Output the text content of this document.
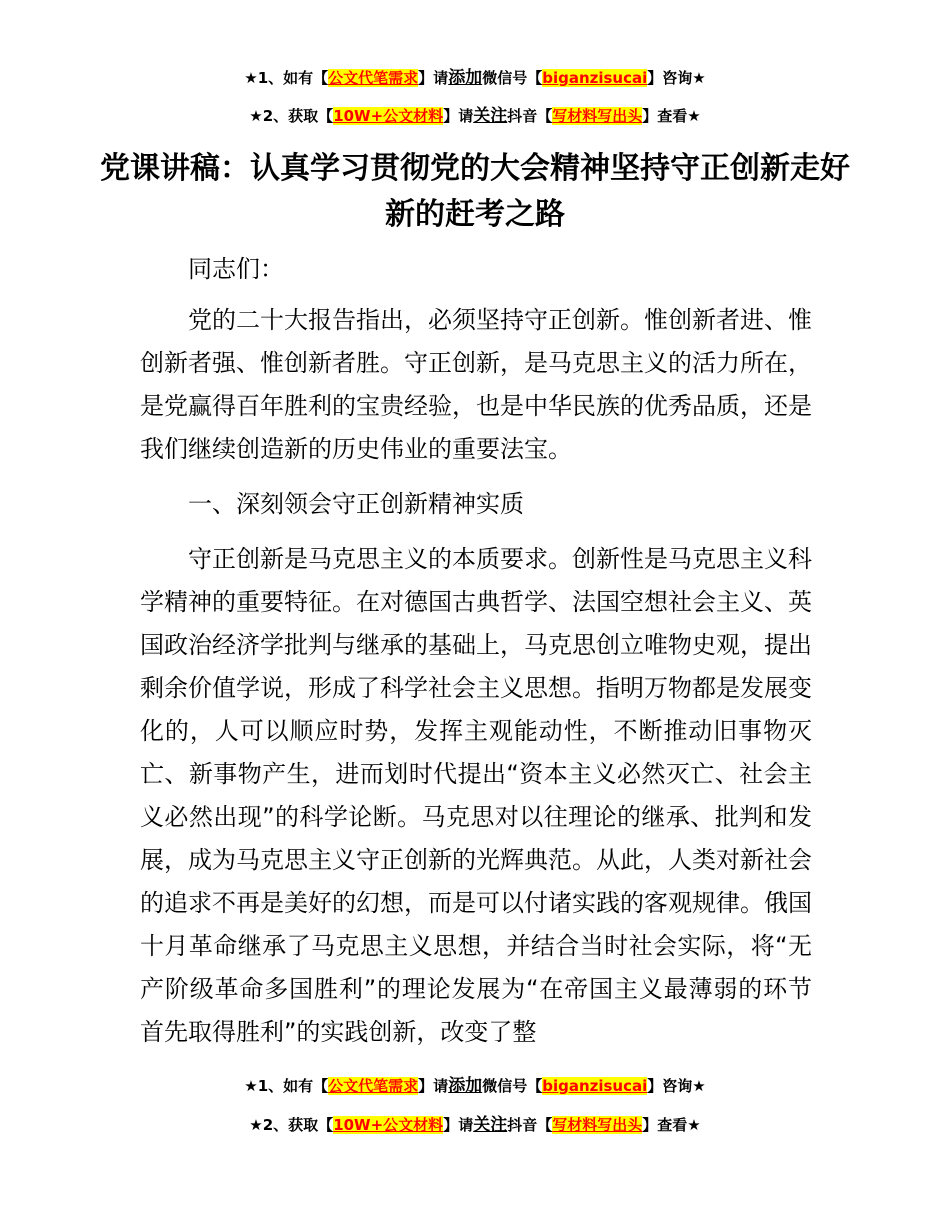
★1、如有【公文代笔需求】请添加微信号【biganzisucai】咨询★
★2、获取【10W+公文材料】请关注抖音【写材料写出头】查看★
党课讲稿：认真学习贯彻党的大会精神坚持守正创新走好新的赶考之路

同志们：

党的二十大报告指出，必须坚持守正创新。惟创新者进、惟创新者强、惟创新者胜。守正创新，是马克思主义的活力所在，是党赢得百年胜利的宝贵经验，也是中华民族的优秀品质，还是我们继续创造新的历史伟业的重要法宝。

一、深刻领会守正创新精神实质

守正创新是马克思主义的本质要求。创新性是马克思主义科学精神的重要特征。在对德国古典哲学、法国空想社会主义、英国政治经济学批判与继承的基础上，马克思创立唯物史观，提出剩余价值学说，形成了科学社会主义思想。指明万物都是发展变化的，人可以顺应时势，发挥主观能动性，不断推动旧事物灭亡、新事物产生，进而划时代提出“资本主义必然灭亡、社会主义必然出现”的科学论断。马克思对以往理论的继承、批判和发展，成为马克思主义守正创新的光辉典范。从此，人类对新社会的追求不再是美好的幻想，而是可以付诸实践的客观规律。俄国十月革命继承了马克思主义思想，并结合当时社会实际，将“无产阶级革命多国胜利”的理论发展为“在帝国主义最薄弱的环节首先取得胜利”的实践创新，改变了整

★1、如有【公文代笔需求】请添加微信号【biganzisucai】咨询★
★2、获取【10W+公文材料】请关注抖音【写材料写出头】查看★
